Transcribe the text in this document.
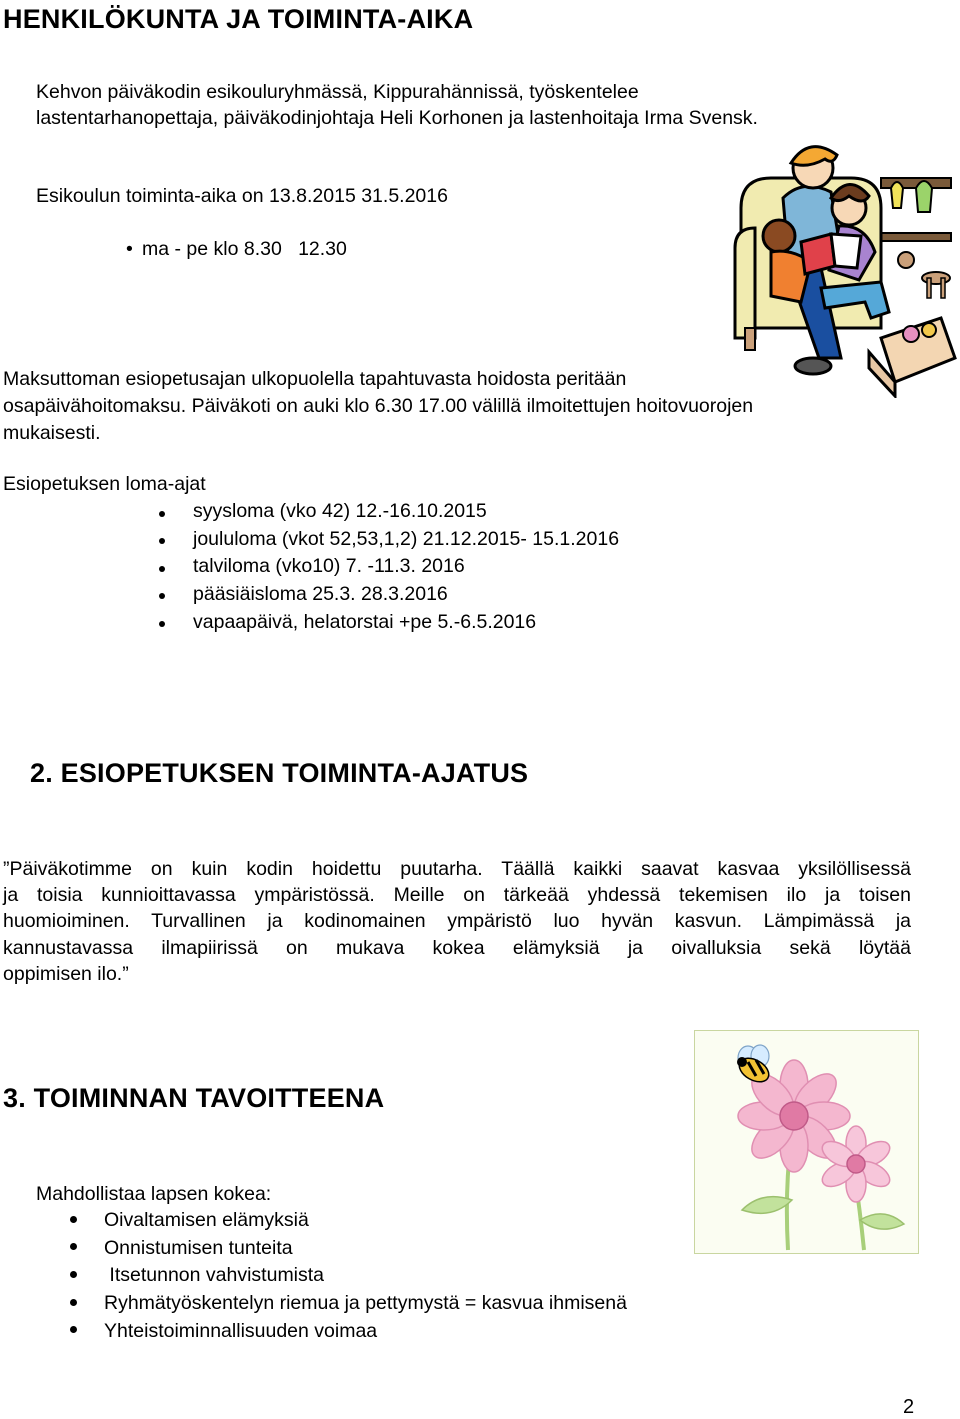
HENKILÖKUNTA JA TOIMINTA-AIKA
Kehvon päiväkodin esikouluryhmässä, Kippurahännissä, työskentelee
lastentarhanopettaja, päiväkodinjohtaja Heli Korhonen ja lastenhoitaja Irma Svensk.
Esikoulun toiminta-aika on 13.8.2015 31.5.2016
• ma - pe klo 8.30   12.30
Maksuttoman esiopetusajan ulkopuolella tapahtuvasta hoidosta peritään
osapäivähoitomaksu. Päiväkoti on auki klo 6.30 17.00 välillä ilmoitettujen hoitovuorojen
mukaisesti.
Esiopetuksen loma-ajat
syysloma (vko 42) 12.-16.10.2015
joululoma (vkot 52,53,1,2) 21.12.2015- 15.1.2016
talviloma (vko10) 7. -11.3. 2016
pääsiäisloma 25.3. 28.3.2016
vapaapäivä, helatorstai +pe 5.-6.5.2016
2. ESIOPETUKSEN TOIMINTA-AJATUS
”Päiväkotimme on kuin kodin hoidettu puutarha. Täällä kaikki saavat kasvaa yksilöllisessä
ja toisia kunnioittavassa ympäristössä. Meille on tärkeää yhdessä tekemisen ilo ja toisen
huomioiminen. Turvallinen ja kodinomainen ympäristö luo hyvän kasvun. Lämpimässä ja
kannustavassa ilmapiirissä on mukava kokea elämyksiä ja oivalluksia sekä löytää
oppimisen ilo.”
3. TOIMINNAN TAVOITTEENA
Mahdollistaa lapsen kokea:
Oivaltamisen elämyksiä
Onnistumisen tunteita
Itsetunnon vahvistumista
Ryhmätyöskentelyn riemua ja pettymystä = kasvua ihmisenä
Yhteistoiminnallisuuden voimaa
2
